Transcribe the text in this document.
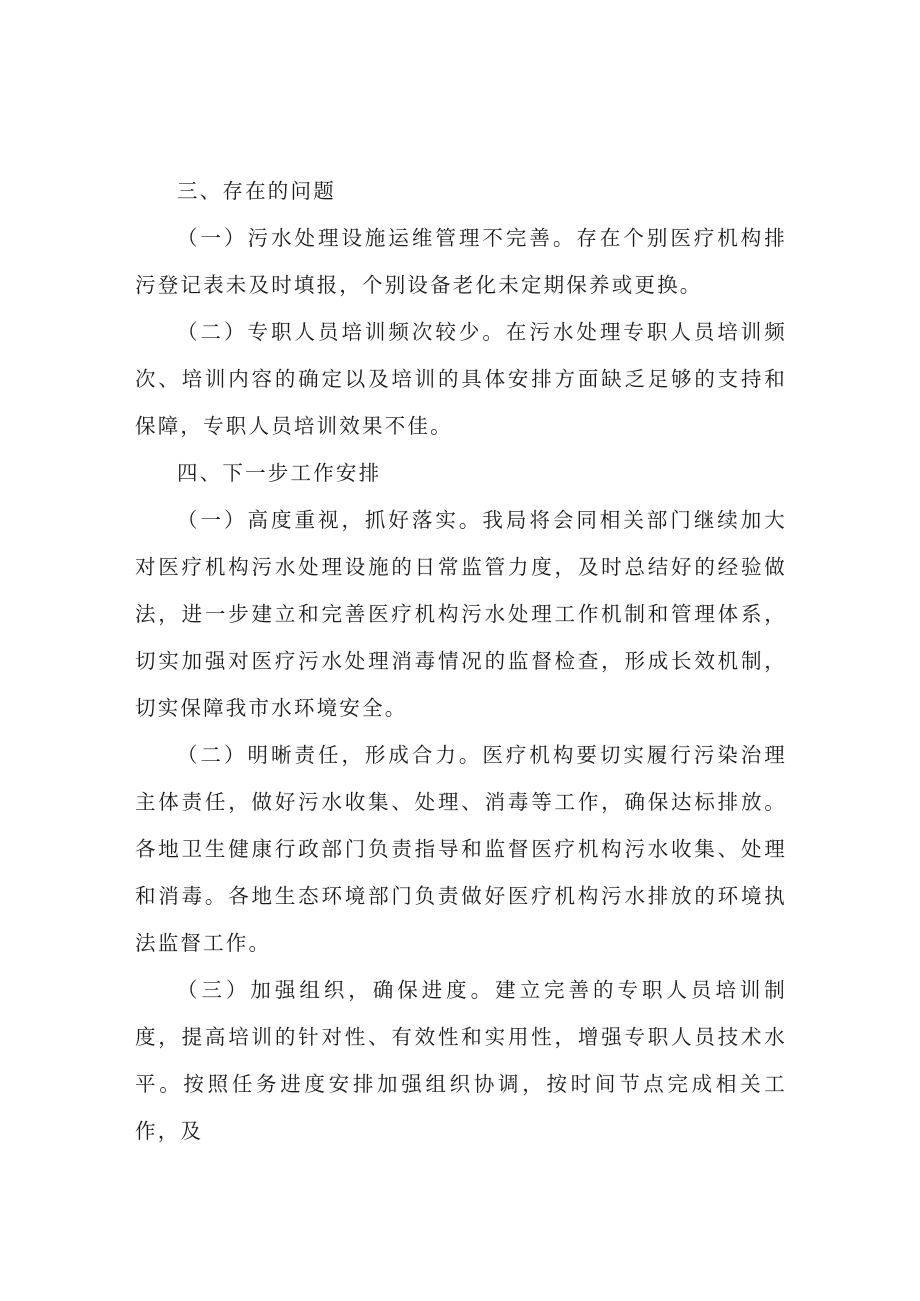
三、存在的问题

（一）污水处理设施运维管理不完善。存在个别医疗机构排污登记表未及时填报，个别设备老化未定期保养或更换。

（二）专职人员培训频次较少。在污水处理专职人员培训频次、培训内容的确定以及培训的具体安排方面缺乏足够的支持和保障，专职人员培训效果不佳。

四、下一步工作安排

（一）高度重视，抓好落实。我局将会同相关部门继续加大对医疗机构污水处理设施的日常监管力度，及时总结好的经验做法，进一步建立和完善医疗机构污水处理工作机制和管理体系，切实加强对医疗污水处理消毒情况的监督检查，形成长效机制，切实保障我市水环境安全。

（二）明晰责任，形成合力。医疗机构要切实履行污染治理主体责任，做好污水收集、处理、消毒等工作，确保达标排放。各地卫生健康行政部门负责指导和监督医疗机构污水收集、处理和消毒。各地生态环境部门负责做好医疗机构污水排放的环境执法监督工作。

（三）加强组织，确保进度。建立完善的专职人员培训制度，提高培训的针对性、有效性和实用性，增强专职人员技术水平。按照任务进度安排加强组织协调，按时间节点完成相关工作，及
